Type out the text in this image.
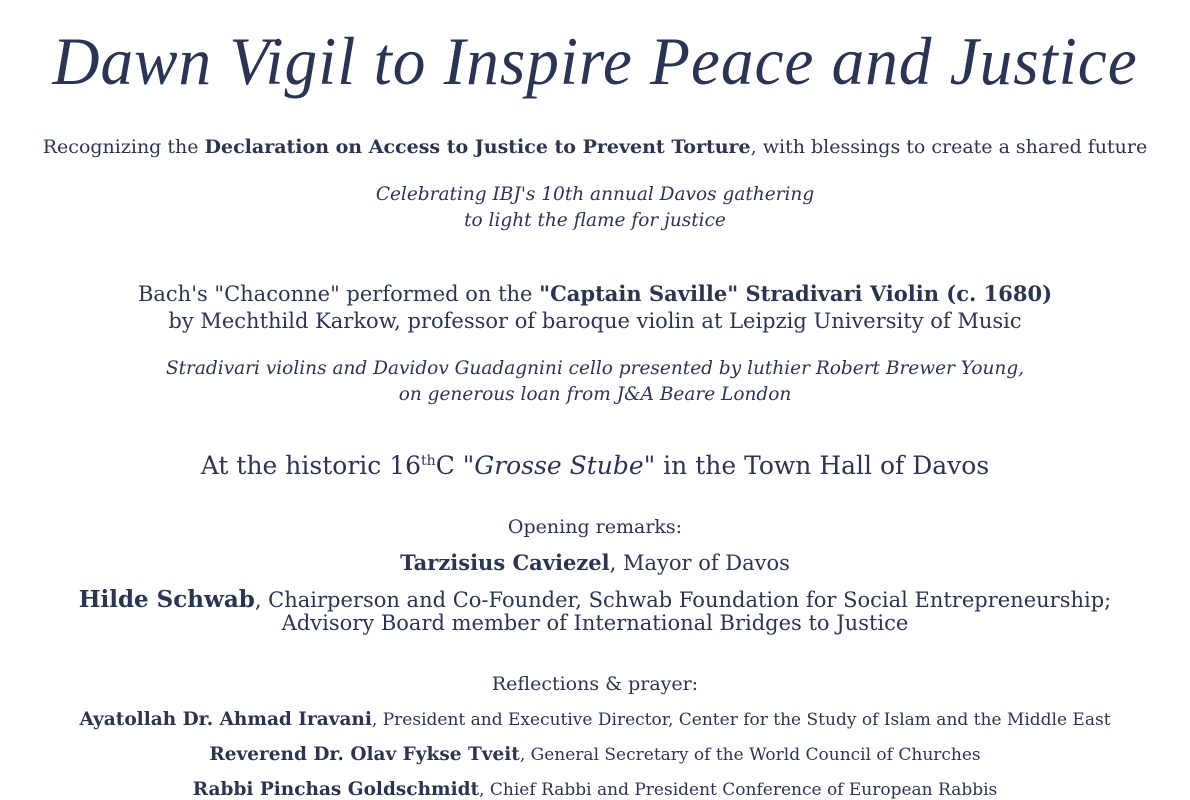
Dawn Vigil to Inspire Peace and Justice
Recognizing the Declaration on Access to Justice to Prevent Torture, with blessings to create a shared future
Celebrating IBJ's 10th annual Davos gathering
to light the flame for justice
Bach's "Chaconne" performed on the "Captain Saville" Stradivari Violin (c. 1680)
by Mechthild Karkow, professor of baroque violin at Leipzig University of Music
Stradivari violins and Davidov Guadagnini cello presented by luthier Robert Brewer Young,
on generous loan from J&A Beare London
At the historic 16thC "Grosse Stube" in the Town Hall of Davos
Opening remarks:
Tarzisius Caviezel, Mayor of Davos
Hilde Schwab, Chairperson and Co-Founder, Schwab Foundation for Social Entrepreneurship;
Advisory Board member of International Bridges to Justice
Reflections & prayer:
Ayatollah Dr. Ahmad Iravani, President and Executive Director, Center for the Study of Islam and the Middle East
Reverend Dr. Olav Fykse Tveit, General Secretary of the World Council of Churches
Rabbi Pinchas Goldschmidt, Chief Rabbi and President Conference of European Rabbis
